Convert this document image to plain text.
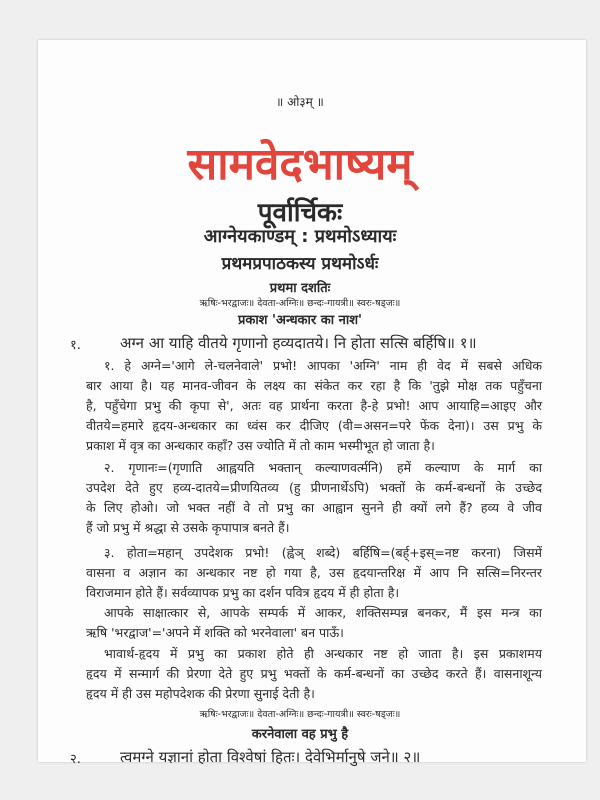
॥ ओ३म् ॥
सामवेदभाष्यम्
पूर्वार्चिकः
आग्नेयकाण्डम् : प्रथमोऽध्यायः
प्रथमप्रपाठकस्य प्रथमोऽर्धः
प्रथमा दशतिः
ऋषिः-भरद्वाजः॥ देवता-अग्निः॥ छन्दः-गायत्री॥ स्वरः-षड्जः॥
प्रकाश 'अन्धकार का नाश'
१.	अग्न आ याहि वीतये गृणानो हव्यदातये। नि होता सत्सि बर्हिषि॥ १॥
१. हे अग्ने='आगे ले-चलनेवाले' प्रभो! आपका 'अग्नि' नाम ही वेद में सबसे अधिक
बार आया है। यह मानव-जीवन के लक्ष्य का संकेत कर रहा है कि 'तुझे मोक्ष तक पहुँचना
है, पहुँचेगा प्रभु की कृपा से', अतः वह प्रार्थना करता है-हे प्रभो! आप आयाहि=आइए और
वीतये=हमारे हृदय-अन्धकार का ध्वंस कर दीजिए (वी=असन=परे फेंक देना)। उस प्रभु के
प्रकाश में वृत्र का अन्धकार कहाँ? उस ज्योति में तो काम भस्मीभूत हो जाता है।
२. गृणानः=(गृणाति आह्वयति भक्तान् कल्याणवर्त्मनि) हमें कल्याण के मार्ग का
उपदेश देते हुए हव्य-दातये=प्रीणयितव्य (हु प्रीणनार्थेऽपि) भक्तों के कर्म-बन्धनों के उच्छेद
के लिए होओ। जो भक्त नहीं वे तो प्रभु का आह्वान सुनने ही क्यों लगे हैं? हव्य वे जीव
हैं जो प्रभु में श्रद्धा से उसके कृपापात्र बनते हैं।
३. होता=महान् उपदेशक प्रभो! (ह्वेञ् शब्दे) बर्हिषि=(बर्ह्+इस्=नष्ट करना) जिसमें
वासना व अज्ञान का अन्धकार नष्ट हो गया है, उस हृदयान्तरिक्ष में आप नि सत्सि=निरन्तर
विराजमान होते हैं। सर्वव्यापक प्रभु का दर्शन पवित्र हृदय में ही होता है।
आपके साक्षात्कार से, आपके सम्पर्क में आकर, शक्तिसम्पन्न बनकर, मैं इस मन्त्र का
ऋषि 'भरद्वाज'='अपने में शक्ति को भरनेवाला' बन पाऊँ।
भावार्थ-हृदय में प्रभु का प्रकाश होते ही अन्धकार नष्ट हो जाता है। इस प्रकाशमय
हृदय में सन्मार्ग की प्रेरणा देते हुए प्रभु भक्तों के कर्म-बन्धनों का उच्छेद करते हैं। वासनाशून्य
हृदय में ही उस महोपदेशक की प्रेरणा सुनाई देती है।
ऋषिः-भरद्वाजः॥ देवता-अग्निः॥ छन्दः-गायत्री॥ स्वरः-षड्जः॥
करनेवाला वह प्रभु है
२.	त्वमग्ने यज्ञानां होता विश्वेषां हितः। देवेभिर्मानुषे जने॥ २॥
